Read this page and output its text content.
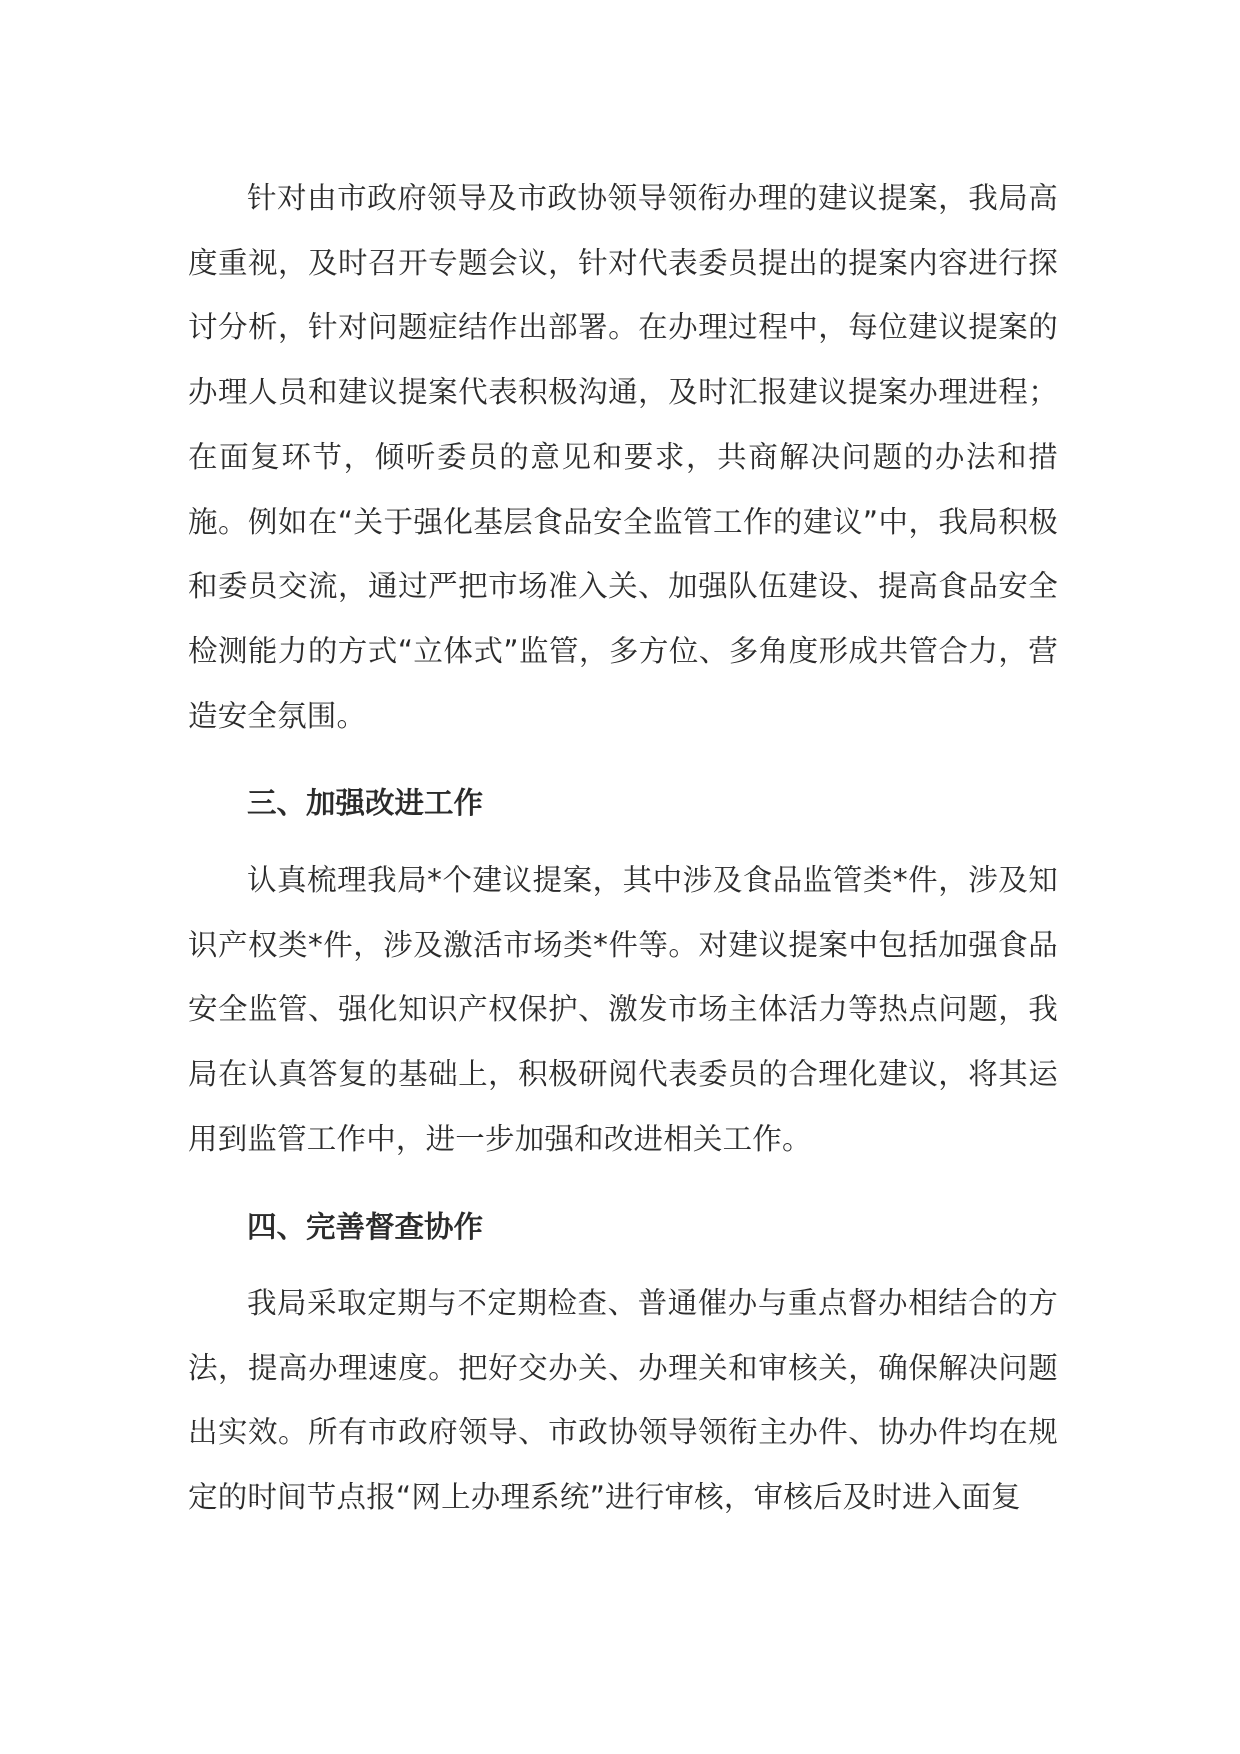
针对由市政府领导及市政协领导领衔办理的建议提案，我局高度重视，及时召开专题会议，针对代表委员提出的提案内容进行探讨分析，针对问题症结作出部署。在办理过程中，每位建议提案的办理人员和建议提案代表积极沟通，及时汇报建议提案办理进程；在面复环节，倾听委员的意见和要求，共商解决问题的办法和措施。例如在“关于强化基层食品安全监管工作的建议”中，我局积极和委员交流，通过严把市场准入关、加强队伍建设、提高食品安全检测能力的方式“立体式”监管，多方位、多角度形成共管合力，营造安全氛围。

三、加强改进工作

认真梳理我局*个建议提案，其中涉及食品监管类*件，涉及知识产权类*件，涉及激活市场类*件等。对建议提案中包括加强食品安全监管、强化知识产权保护、激发市场主体活力等热点问题，我局在认真答复的基础上，积极研阅代表委员的合理化建议，将其运用到监管工作中，进一步加强和改进相关工作。

四、完善督查协作

我局采取定期与不定期检查、普通催办与重点督办相结合的方法，提高办理速度。把好交办关、办理关和审核关，确保解决问题出实效。所有市政府领导、市政协领导领衔主办件、协办件均在规定的时间节点报“网上办理系统”进行审核，审核后及时进入面复
